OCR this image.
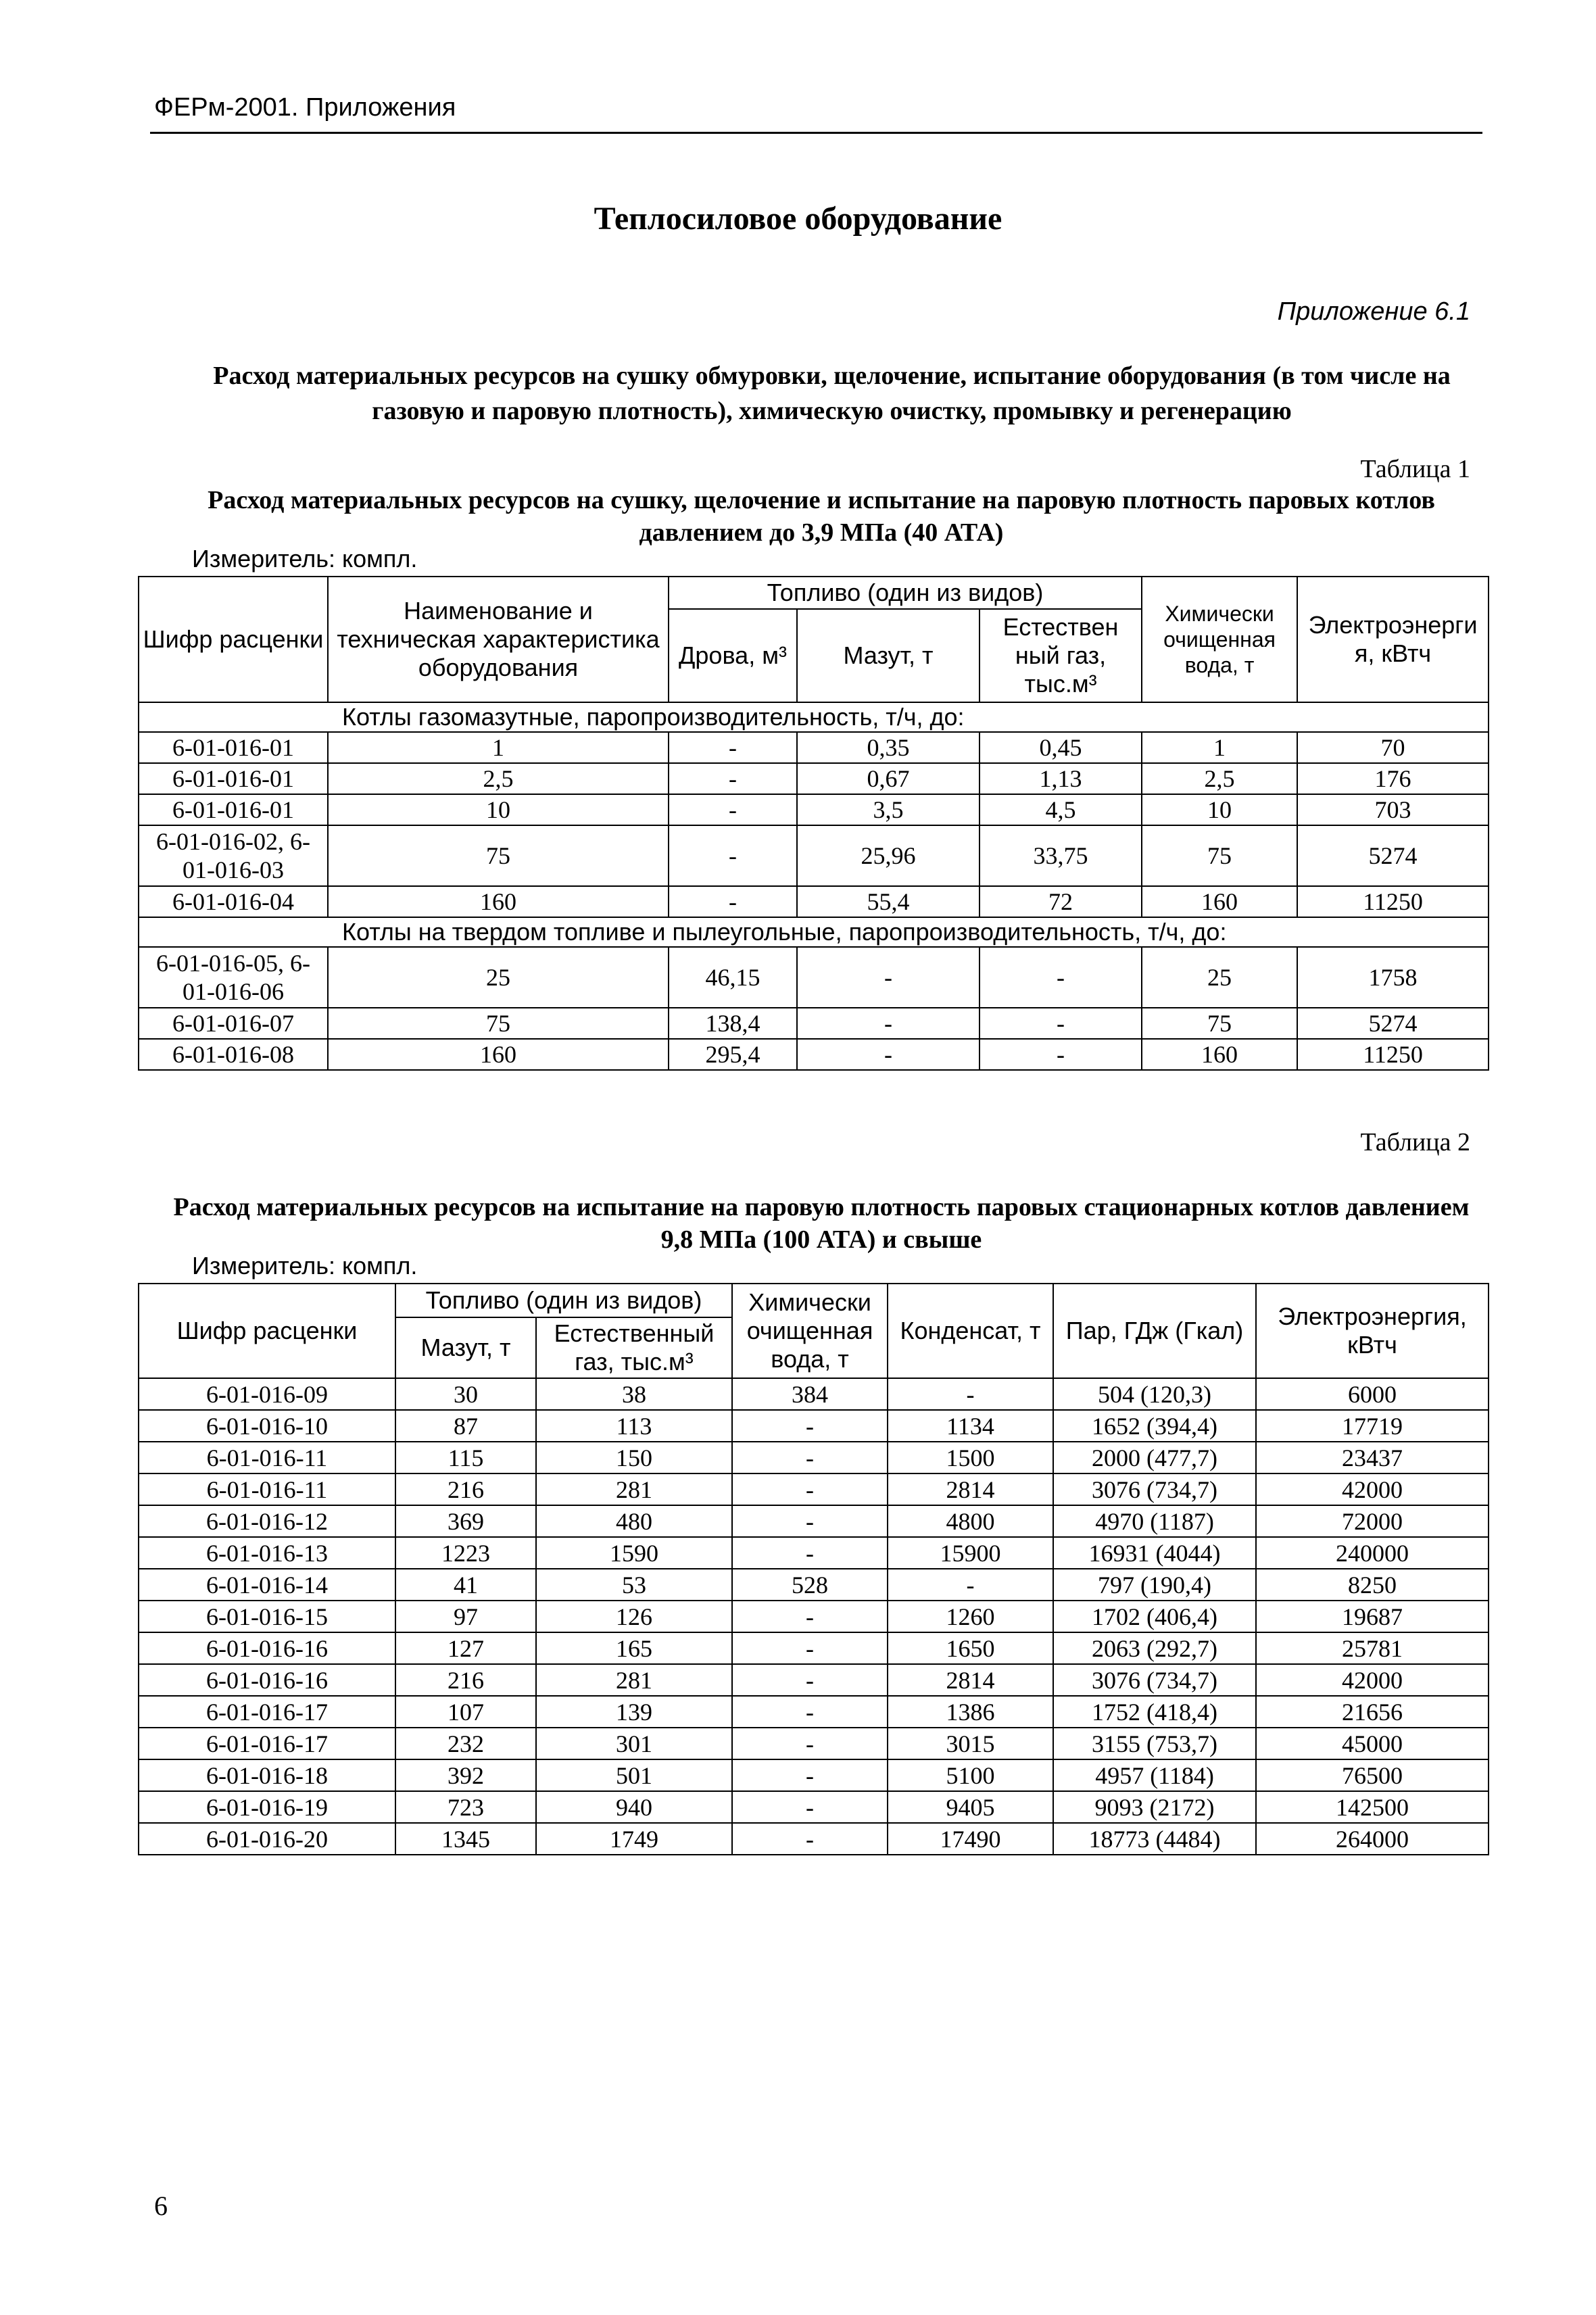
ФЕРм-2001. Приложения
Теплосиловое оборудование
Приложение 6.1
Расход материальных ресурсов на сушку обмуровки, щелочение, испытание оборудования (в том числе на газовую и паровую плотность), химическую очистку, промывку и регенерацию
Таблица 1
Расход материальных ресурсов на сушку, щелочение и испытание на паровую плотность паровых котлов давлением до 3,9 МПа (40 АТА)
Измеритель: компл.
Шифр расценки	Наименование и техническая характеристика оборудования	Топливо (один из видов)			Химически очищенная вода, т	Электроэнерги я, кВтч
		Дрова, м³	Мазут, т	Естествен ный газ, тыс.м³		
Котлы газомазутные, паропроизводительность, т/ч, до:						
6-01-016-01	1	-	0,35	0,45	1	70
6-01-016-01	2,5	-	0,67	1,13	2,5	176
6-01-016-01	10	-	3,5	4,5	10	703
6-01-016-02, 6-01-016-03	75	-	25,96	33,75	75	5274
6-01-016-04	160	-	55,4	72	160	11250
Котлы на твердом топливе и пылеугольные, паропроизводительность, т/ч, до:						
6-01-016-05, 6-01-016-06	25	46,15	-	-	25	1758
6-01-016-07	75	138,4	-	-	75	5274
6-01-016-08	160	295,4	-	-	160	11250
Таблица 2
Расход материальных ресурсов на испытание на паровую плотность паровых стационарных котлов давлением 9,8 МПа (100 АТА) и свыше
Измеритель: компл.
Шифр расценки	Топливо (один из видов)		Химически очищенная вода, т	Конденсат, т	Пар, ГДж (Гкал)	Электроэнергия, кВтч
	Мазут, т	Естественный газ, тыс.м³				
6-01-016-09	30	38	384	-	504 (120,3)	6000
6-01-016-10	87	113	-	1134	1652 (394,4)	17719
6-01-016-11	115	150	-	1500	2000 (477,7)	23437
6-01-016-11	216	281	-	2814	3076 (734,7)	42000
6-01-016-12	369	480	-	4800	4970 (1187)	72000
6-01-016-13	1223	1590	-	15900	16931 (4044)	240000
6-01-016-14	41	53	528	-	797 (190,4)	8250
6-01-016-15	97	126	-	1260	1702 (406,4)	19687
6-01-016-16	127	165	-	1650	2063 (292,7)	25781
6-01-016-16	216	281	-	2814	3076 (734,7)	42000
6-01-016-17	107	139	-	1386	1752 (418,4)	21656
6-01-016-17	232	301	-	3015	3155 (753,7)	45000
6-01-016-18	392	501	-	5100	4957 (1184)	76500
6-01-016-19	723	940	-	9405	9093 (2172)	142500
6-01-016-20	1345	1749	-	17490	18773 (4484)	264000
6
